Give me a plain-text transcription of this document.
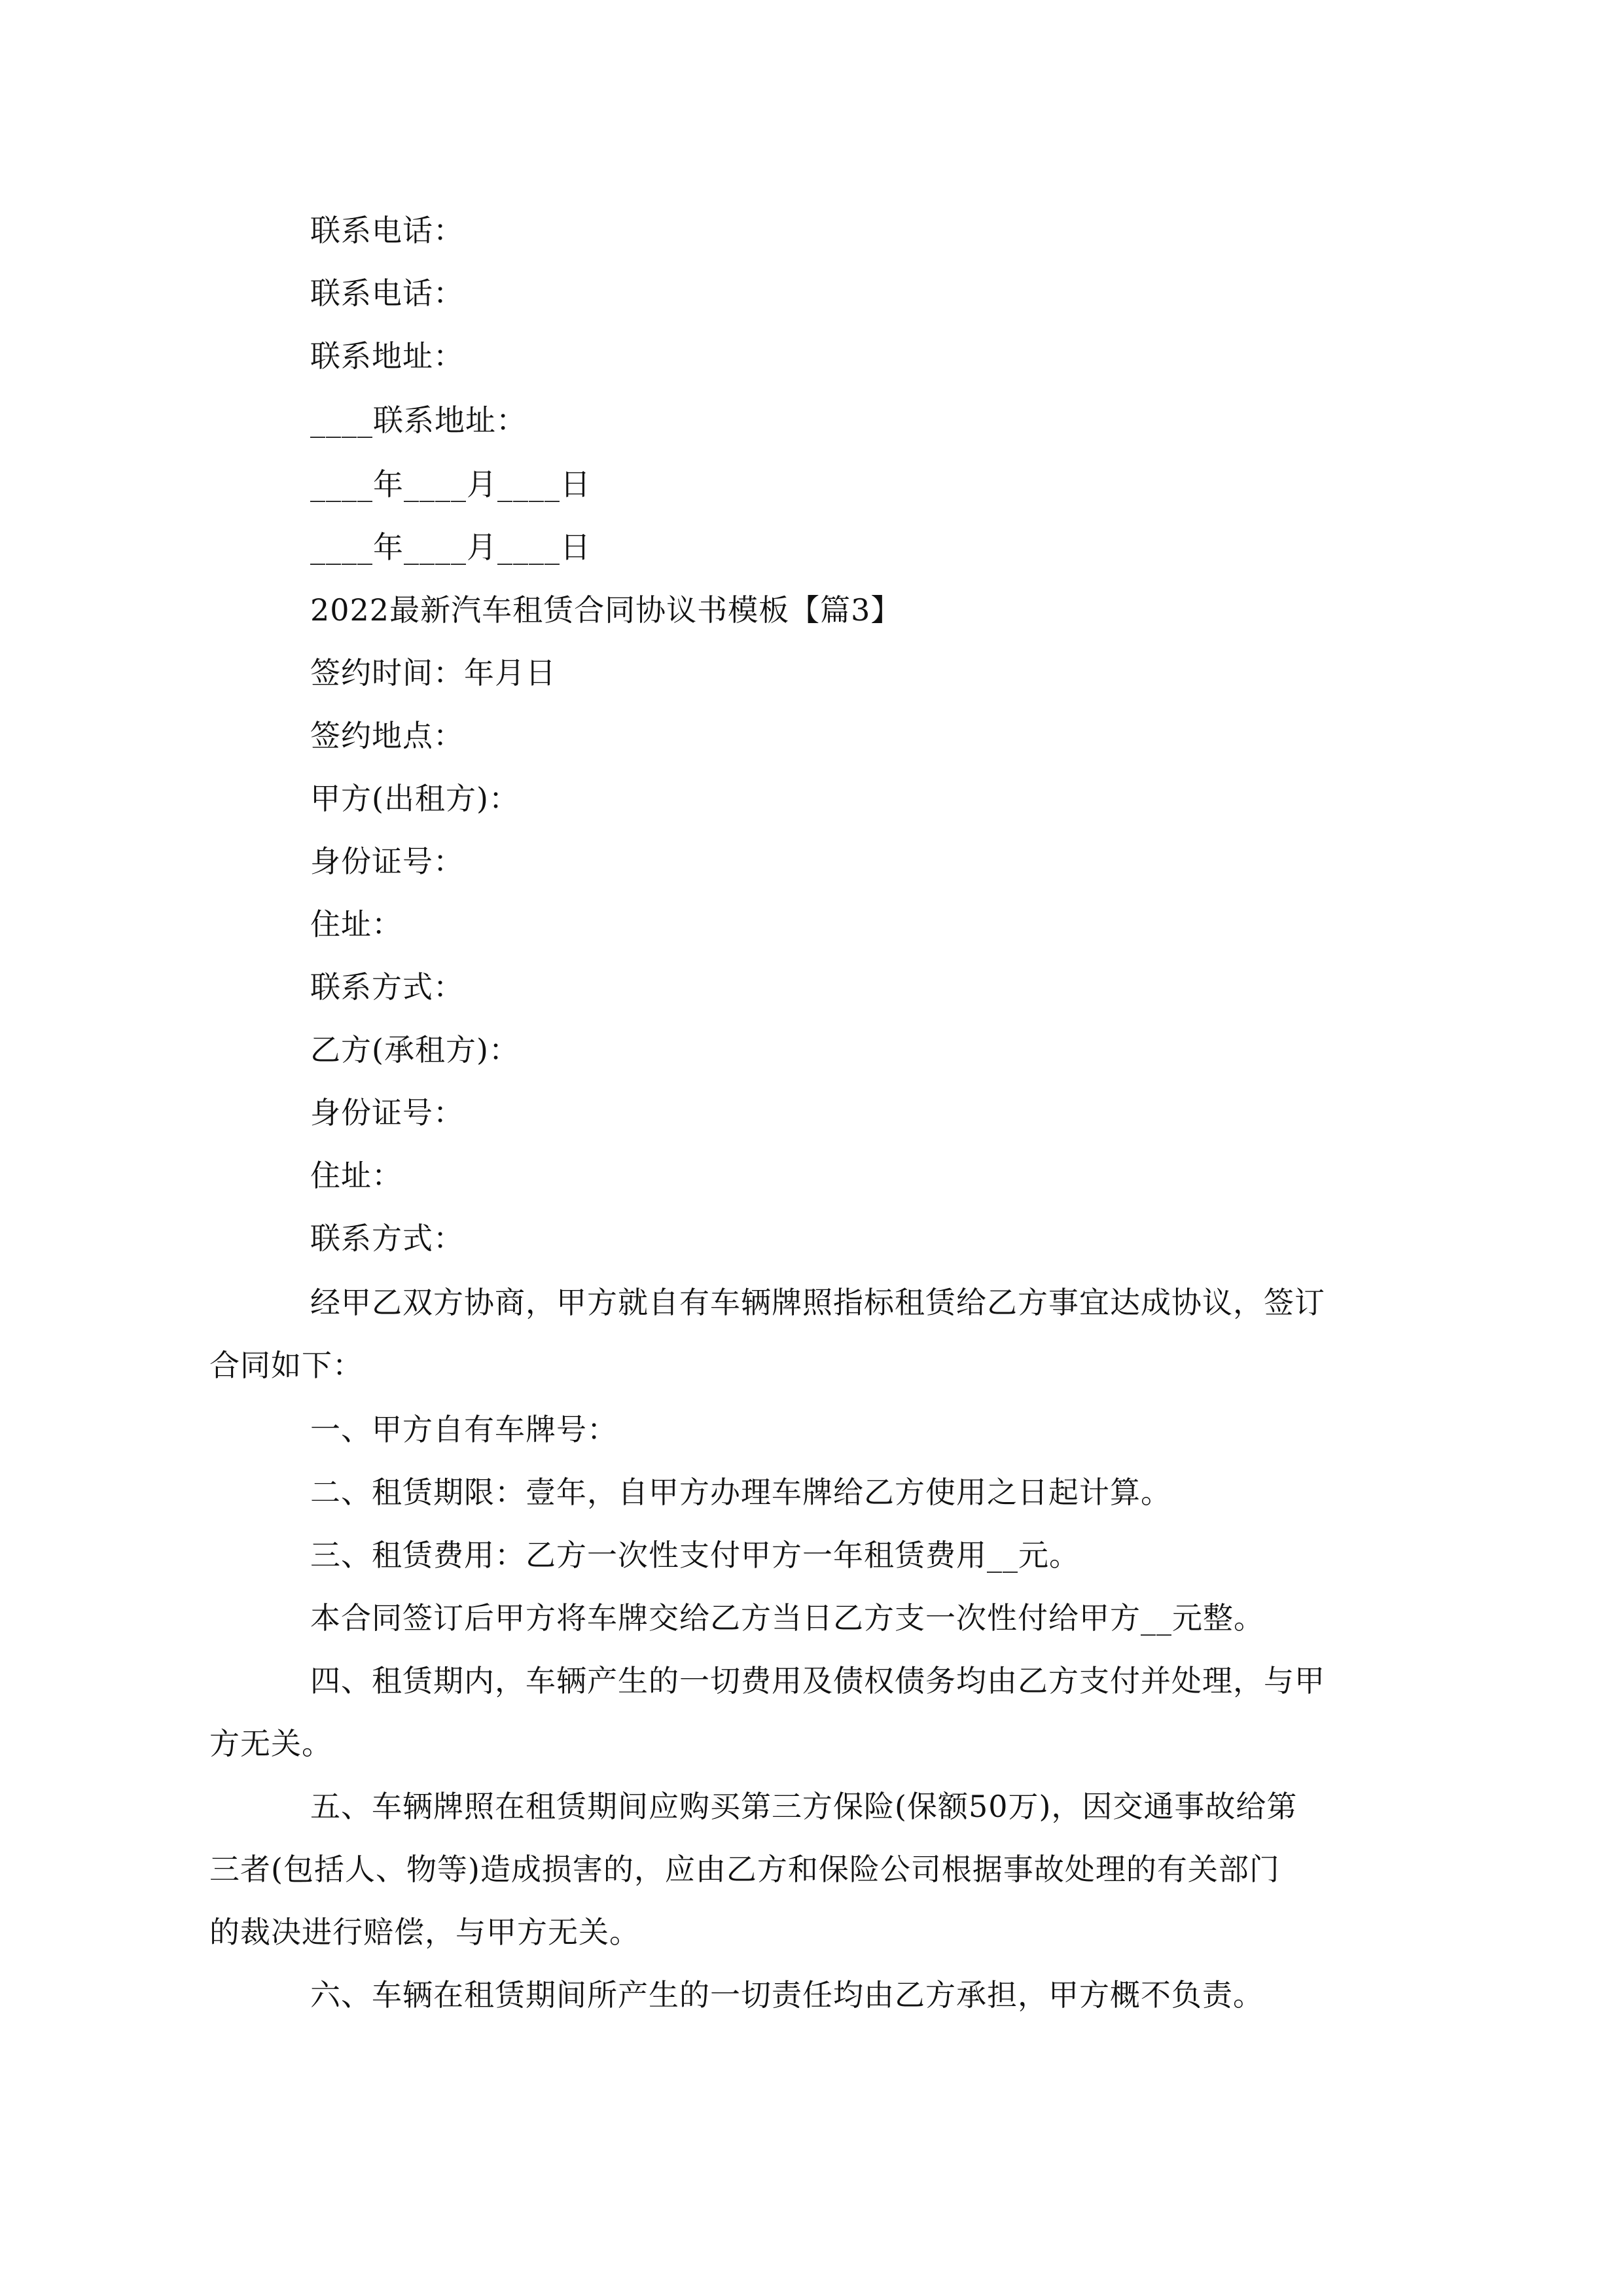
联系电话：
联系电话：
联系地址：
____联系地址：
____年____月____日
____年____月____日
2022最新汽车租赁合同协议书模板【篇3】
签约时间：年月日
签约地点：
甲方(出租方)：
身份证号：
住址：
联系方式：
乙方(承租方)：
身份证号：
住址：
联系方式：
经甲乙双方协商，甲方就自有车辆牌照指标租赁给乙方事宜达成协议，签订
合同如下：
一、甲方自有车牌号：
二、租赁期限：壹年，自甲方办理车牌给乙方使用之日起计算。
三、租赁费用：乙方一次性支付甲方一年租赁费用__元。
本合同签订后甲方将车牌交给乙方当日乙方支一次性付给甲方__元整。
四、租赁期内，车辆产生的一切费用及债权债务均由乙方支付并处理，与甲
方无关。
五、车辆牌照在租赁期间应购买第三方保险(保额50万)，因交通事故给第
三者(包括人、物等)造成损害的，应由乙方和保险公司根据事故处理的有关部门
的裁决进行赔偿，与甲方无关。
六、车辆在租赁期间所产生的一切责任均由乙方承担，甲方概不负责。
